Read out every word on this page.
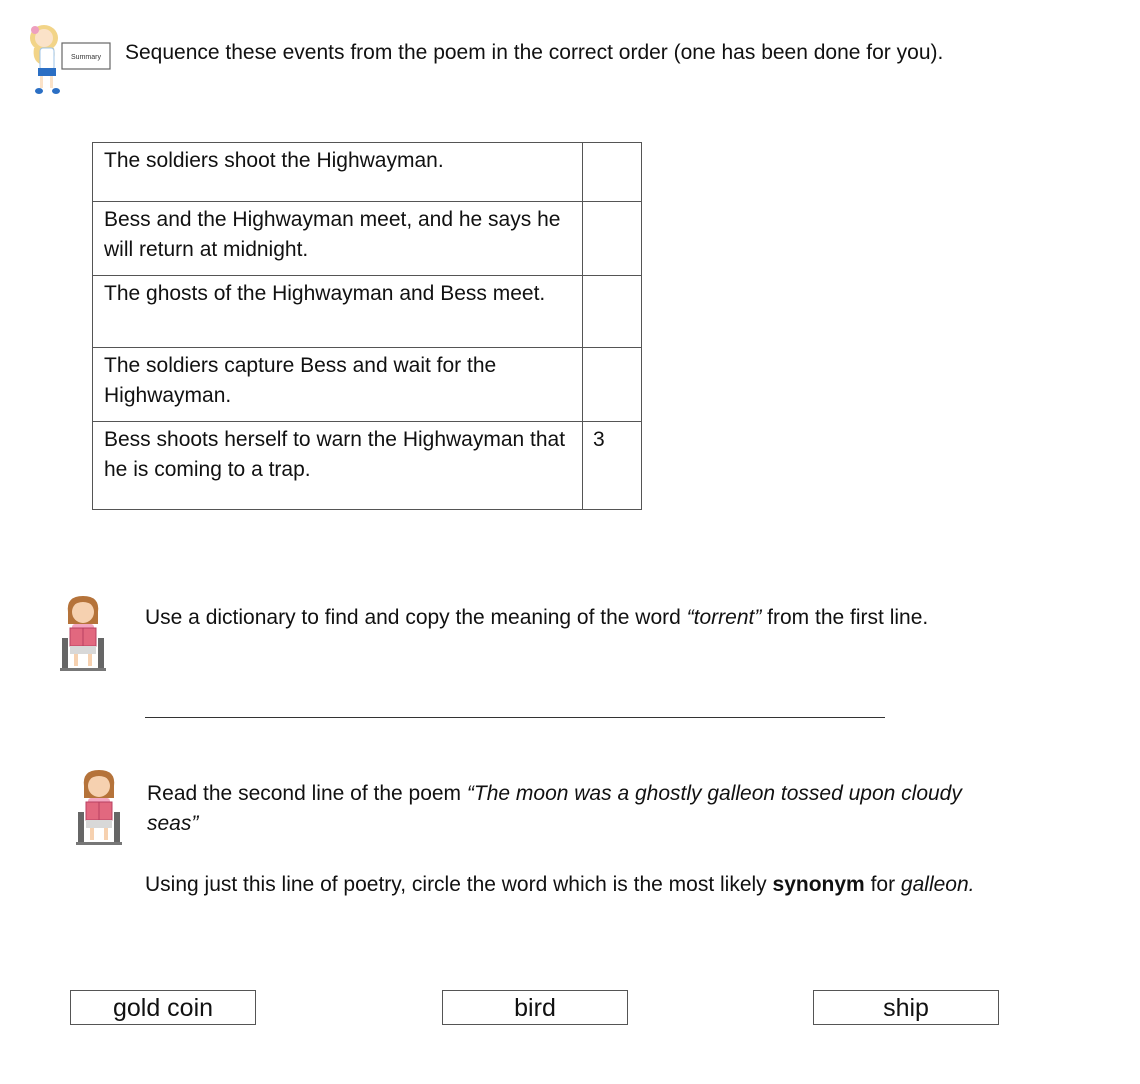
Summary Sequence these events from the poem in the correct order (one has been done for you).
The soldiers shoot the Highwayman.	
Bess and the Highwayman meet, and he says he will return at midnight.	
The ghosts of the Highwayman and Bess meet.	
The soldiers capture Bess and wait for the Highwayman.	
Bess shoots herself to warn the Highwayman that he is coming to a trap.	3
Use a dictionary to find and copy the meaning of the word “torrent” from the first line.
Read the second line of the poem “The moon was a ghostly galleon tossed upon cloudy seas”
Using just this line of poetry, circle the word which is the most likely synonym for galleon.
gold coin	bird	ship
